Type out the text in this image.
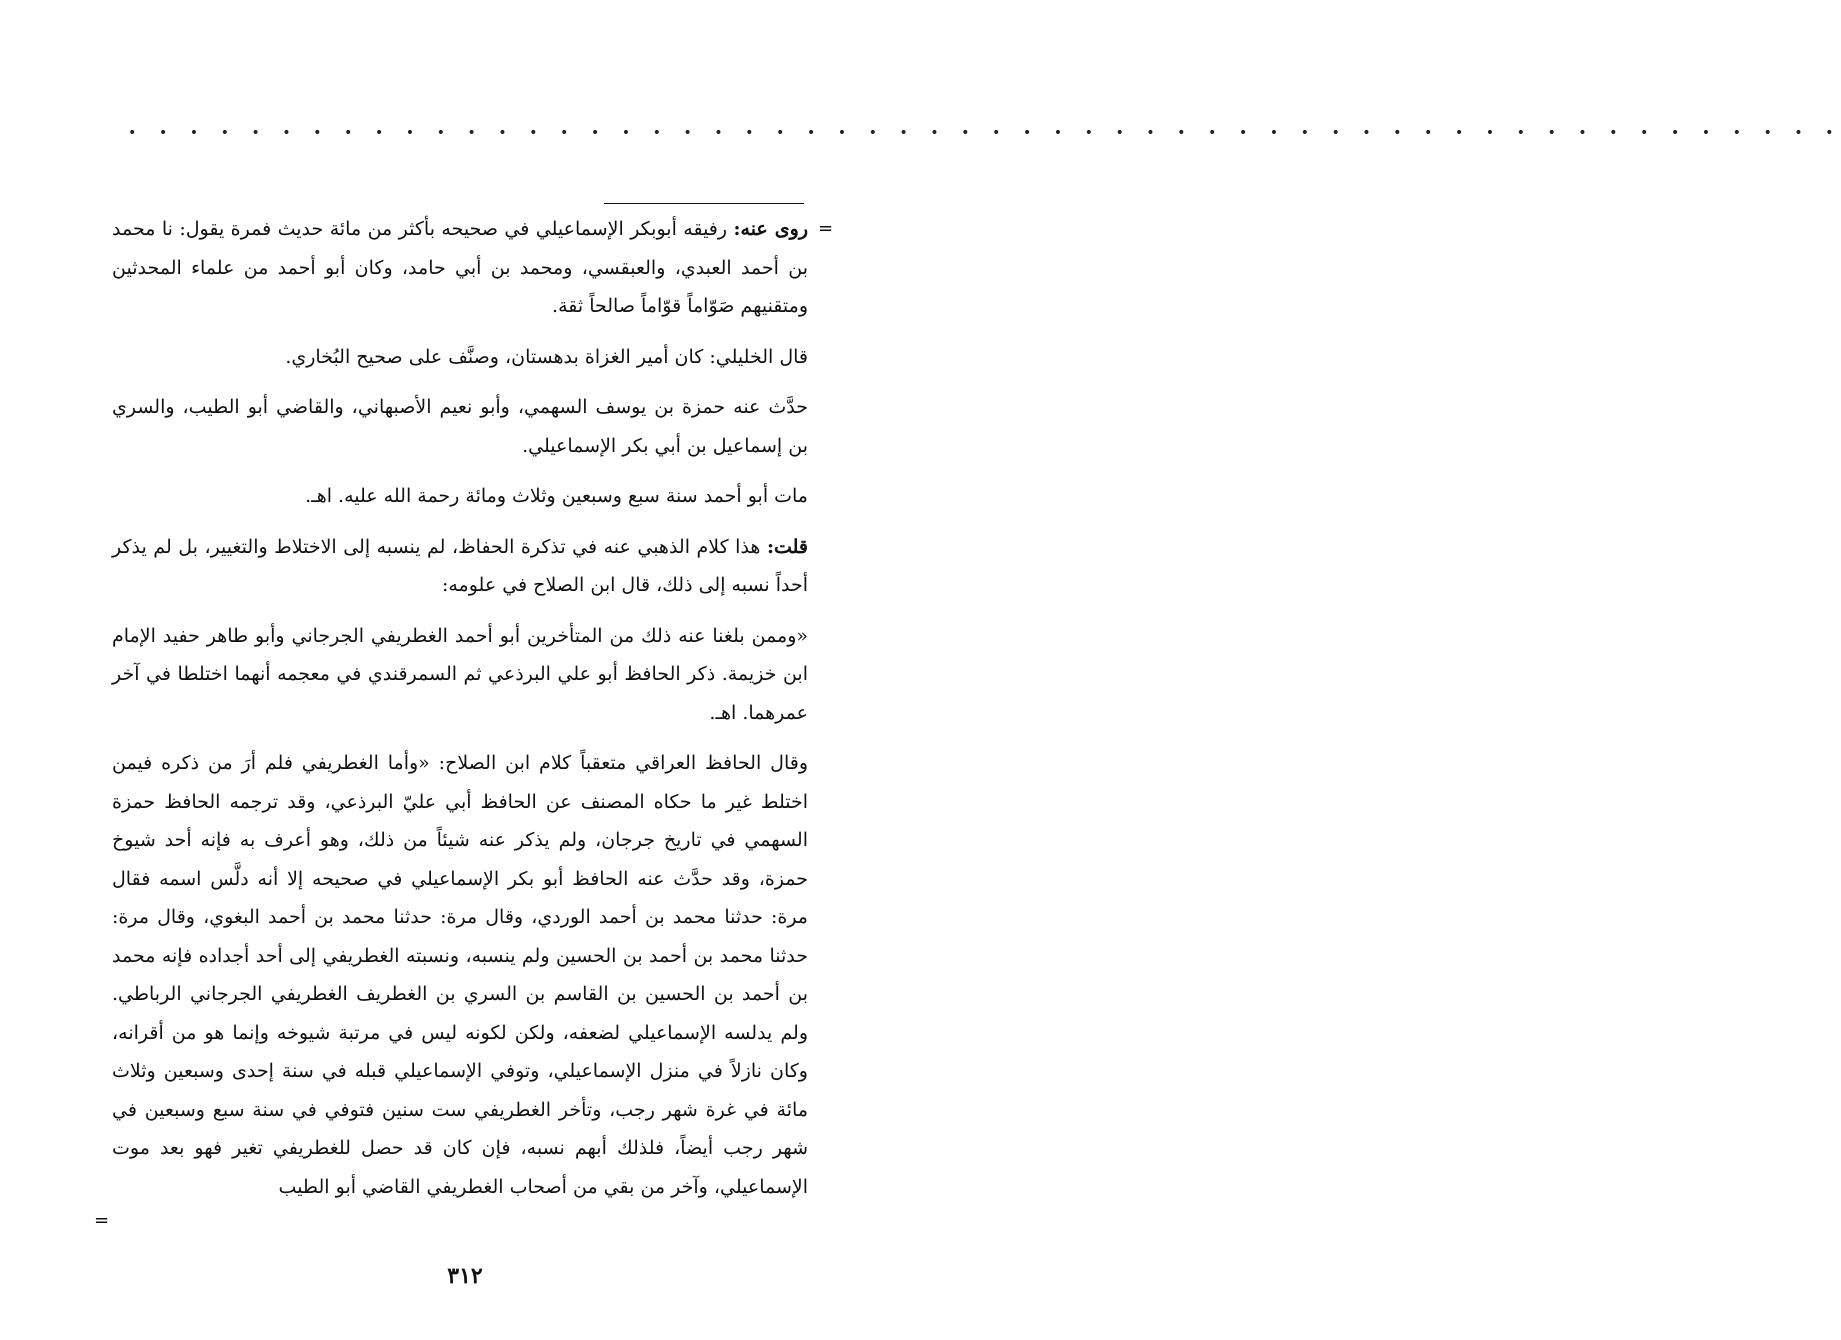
• • • • • • • • • • • • • • • • • • • • • • • • • • • • • • • • • • • • • • • • • • • • • • • • • • • • • • • •
=

روى عنه: رفيقه أبوبكر الإسماعيلي في صحيحه بأكثر من مائة حديث فمرة يقول: نا محمد بن أحمد العبدي، والعبقسي، ومحمد بن أبي حامد، وكان أبو أحمد من علماء المحدثين ومتقنيهم صَوّاماً قوّاماً صالحاً ثقة.

قال الخليلي: كان أمير الغزاة بدهستان، وصنَّف على صحيح البُخاري.

حدَّث عنه حمزة بن يوسف السهمي، وأبو نعيم الأصبهاني، والقاضي أبو الطيب، والسري بن إسماعيل بن أبي بكر الإسماعيلي.

مات أبو أحمد سنة سبع وسبعين وثلاث ومائة رحمة الله عليه. اهـ.

قلت: هذا كلام الذهبي عنه في تذكرة الحفاظ، لم ينسبه إلى الاختلاط والتغيير، بل لم يذكر أحداً نسبه إلى ذلك، قال ابن الصلاح في علومه:

«وممن بلغنا عنه ذلك من المتأخرين أبو أحمد الغطريفي الجرجاني وأبو طاهر حفيد الإمام ابن خزيمة. ذكر الحافظ أبو علي البرذعي ثم السمرقندي في معجمه أنهما اختلطا في آخر عمرهما. اهـ.

وقال الحافظ العراقي متعقباً كلام ابن الصلاح: «وأما الغطريفي فلم أرَ من ذكره فيمن اختلط غير ما حكاه المصنف عن الحافظ أبي عليّ البرذعي، وقد ترجمه الحافظ حمزة السهمي في تاريخ جرجان، ولم يذكر عنه شيئاً من ذلك، وهو أعرف به فإنه أحد شيوخ حمزة، وقد حدَّث عنه الحافظ أبو بكر الإسماعيلي في صحيحه إلا أنه دلَّس اسمه فقال مرة: حدثنا محمد بن أحمد الوردي، وقال مرة: حدثنا محمد بن أحمد البغوي، وقال مرة: حدثنا محمد بن أحمد بن الحسين ولم ينسبه، ونسبته الغطريفي إلى أحد أجداده فإنه محمد بن أحمد بن الحسين بن القاسم بن السري بن الغطريف الغطريفي الجرجاني الرباطي. ولم يدلسه الإسماعيلي لضعفه، ولكن لكونه ليس في مرتبة شيوخه وإنما هو من أقرانه، وكان نازلاً في منزل الإسماعيلي، وتوفي الإسماعيلي قبله في سنة إحدى وسبعين وثلاث مائة في غرة شهر رجب، وتأخر الغطريفي ست سنين فتوفي في سنة سبع وسبعين في شهر رجب أيضاً، فلذلك أبهم نسبه، فإن كان قد حصل للغطريفي تغير فهو بعد موت الإسماعيلي، وآخر من بقي من أصحاب الغطريفي القاضي أبو الطيب

=
٣١٢
